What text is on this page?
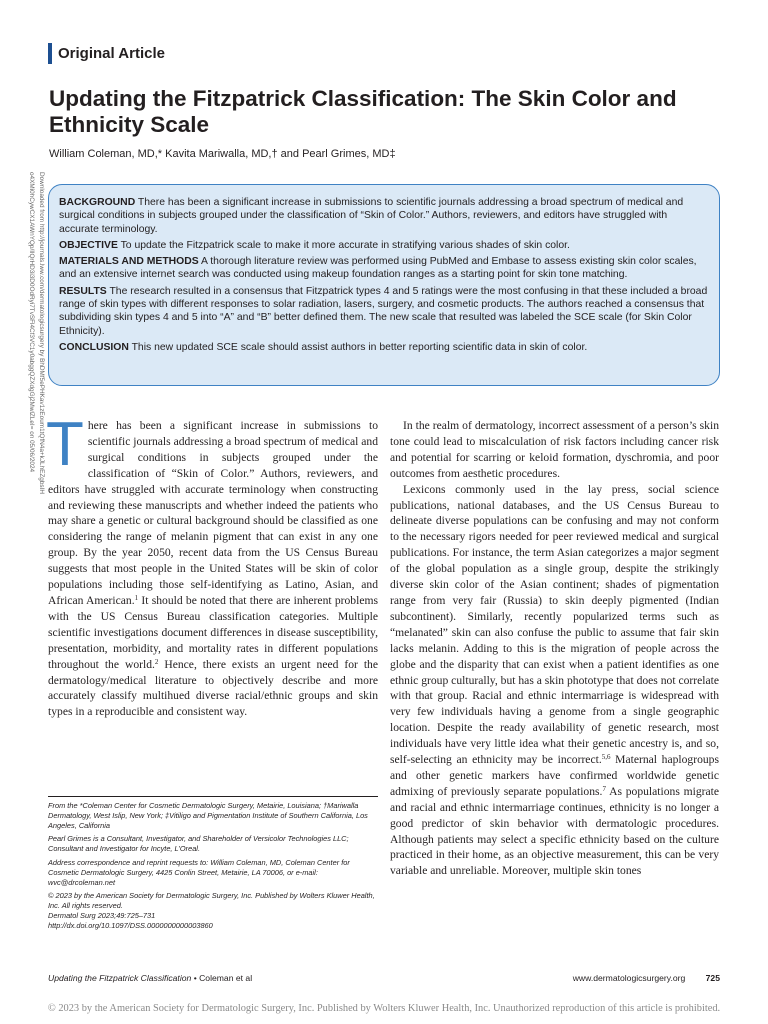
Original Article
Updating the Fitzpatrick Classification: The Skin Color and Ethnicity Scale
William Coleman, MD,* Kavita Mariwalla, MD,† and Pearl Grimes, MD‡
Downloaded from http://journals.lww.com/dermatologicsurgery by BhDMf5ePHKav1zEoum1tQfN4a+kJLhEZgbsIH
o4XMi0hCywCX1AWnYQp/IlQrHD3i3D0OdRyi7TvSFl4Cf3VC1y0abggQZXdgGj2MwlZLeI= on 05/06/2024 BACKGROUND There has been a significant increase in submissions to scientific journals addressing a broad spectrum of medical and surgical conditions in subjects grouped under the classification of “Skin of Color.” Authors, reviewers, and editors have struggled with accurate terminology.

OBJECTIVE To update the Fitzpatrick scale to make it more accurate in stratifying various shades of skin color.

MATERIALS AND METHODS A thorough literature review was performed using PubMed and Embase to assess existing skin color scales, and an extensive internet search was conducted using makeup foundation ranges as a starting point for skin tone matching.

RESULTS The research resulted in a consensus that Fitzpatrick types 4 and 5 ratings were the most confusing in that these included a broad range of skin types with different responses to solar radiation, lasers, surgery, and cosmetic products. The authors reached a consensus that subdividing skin types 4 and 5 into “A” and “B” better defined them. The new scale that resulted was labeled the SCE scale (for Skin Color Ethnicity).

CONCLUSION This new updated SCE scale should assist authors in better reporting scientific data in skin of color.

There has been a significant increase in submissions to scientific journals addressing a broad spectrum of medical and surgical conditions in subjects grouped under the classification of “Skin of Color.” Authors, reviewers, and editors have struggled with accurate terminology when constructing and reviewing these manuscripts and whether indeed the patients who may share a genetic or cultural background should be classified as one considering the range of melanin pigment that can exist in any one group. By the year 2050, recent data from the US Census Bureau suggests that most people in the United States will be skin of color populations including those self-identifying as Latino, Asian, and African American.$^1$ It should be noted that there are inherent problems with the US Census Bureau classification categories. Multiple scientific investigations document differences in disease susceptibility, presentation, morbidity, and mortality rates in different populations throughout the world.$^2$ Hence, there exists an urgent need for the dermatology/medical literature to objectively describe and more accurately classify multihued diverse racial/ethnic groups and skin types in a reproducible and consistent way.

From the *Coleman Center for Cosmetic Dermatologic Surgery, Metairie, Louisiana; †Mariwalla Dermatology, West Islip, New York; ‡Vitiligo and Pigmentation Institute of Southern California, Los Angeles, California

Pearl Grimes is a Consultant, Investigator, and Shareholder of Versicolor Technologies LLC; Consultant and Investigator for Incyte, L’Oreal.

Address correspondence and reprint requests to: William Coleman, MD, Coleman Center for Cosmetic Dermatologic Surgery, 4425 Conlin Street, Metairie, LA 70006, or e-mail: wvc@drcoleman.net

© 2023 by the American Society for Dermatologic Surgery, Inc. Published by Wolters Kluwer Health, Inc. All rights reserved.
Dermatol Surg 2023;49:725–731
http://dx.doi.org/10.1097/DSS.0000000000003860

In the realm of dermatology, incorrect assessment of a person’s skin tone could lead to miscalculation of risk factors including cancer risk and potential for scarring or keloid formation, dyschromia, and poor outcomes from aesthetic procedures.

Lexicons commonly used in the lay press, social science publications, national databases, and the US Census Bureau to delineate diverse populations can be confusing and may not conform to the necessary rigors needed for peer reviewed medical and surgical publications. For instance, the term Asian categorizes a major segment of the global population as a single group, despite the strikingly diverse skin color of the Asian continent; shades of pigmentation range from very fair (Russia) to skin deeply pigmented (Indian subcontinent). Similarly, recently popularized terms such as “melanated” skin can also confuse the public to assume that fair skin lacks melanin. Adding to this is the migration of people across the globe and the disparity that can exist when a patient identifies as one ethnic group culturally, but has a skin phototype that does not correlate with that group. Racial and ethnic intermarriage is widespread with very few individuals having a genome from a single geographic location. Despite the ready availability of genetic research, most individuals have very little idea what their genetic ancestry is, and so, self-selecting an ethnicity may be incorrect.$^{5,6}$ Maternal haplogroups and other genetic markers have confirmed worldwide genetic admixing of previously separate populations.$^7$ As populations migrate and racial and ethnic intermarriage continues, ethnicity is no longer a good predictor of skin behavior with dermatologic procedures. Although patients may select a specific ethnicity based on the culture practiced in their home, as an objective measurement, this can be very variable and unreliable. Moreover, multiple skin tones

Updating the Fitzpatrick Classification • Coleman et al	www.dermatologicsurgery.org 725
© 2023 by the American Society for Dermatologic Surgery, Inc. Published by Wolters Kluwer Health, Inc. Unauthorized reproduction of this article is prohibited.
